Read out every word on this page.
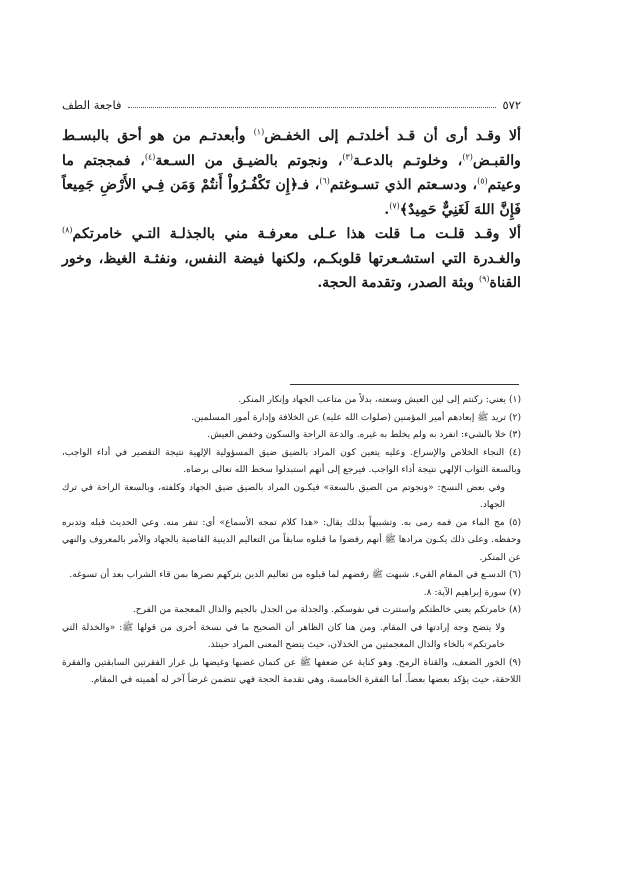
٥٧٢
فاجعة الطف

ألا وقـد أرى أن قـد أخلدتـم إلى الخفـض$^{(١)}$ وأبعدتـم من هو أحق بالبسـط والقبـض$^{(٢)}$، وخلوتـم بالدعـة$^{(٣)}$، ونجوتم بالضيـق من السـعة$^{(٤)}$، فمججتم ما وعيتم$^{(٥)}$، ودسـعتم الذي تسـوغتم$^{(٦)}$، فـ﴿إِن تَكْفُـرُواْ أَنتُمْ وَمَن فِـي الأَرْضِ جَمِيعاً فَإِنَّ اللهَ لَغَنِيٌّ حَمِيدٌ﴾$^{(٧)}$.

ألا وقـد قلـت مـا قلت هذا عـلى معرفـة مني بالجذلـة التـي خامرتكم$^{(٨)}$ والغـدرة التي استشـعرتها قلوبكـم، ولكنها فيضة النفس، ونفثـة الغيظ، وخور القناة$^{(٩)}$ وبثة الصدر، وتقدمة الحجة.

(١) يعني: ركنتم إلى لين العيش وسعته، بدلاً من متاعب الجهاد وإنكار المنكر.

(٢) تريد ﷺ إبعادهم أمير المؤمنين (صلوات الله عليه) عن الخلافة وإدارة أمور المسلمين.

(٣) خلا بالشيء: انفرد به ولم يخلط به غيره. والدعة الراحة والسكون وخفض العيش.

(٤) النجاء الخلاص والإسراع. وعليه يتعين كون المراد بالضيق ضيق المسؤولية الإلهية نتيجة التقصير في أداء الواجب، وبالسعة الثواب الإلهي نتيجة أداء الواجب. فيرجع إلى أنهم استبدلوا سخط الله تعالى برضاه.
وفي بعض النسخ: «ونجوتم من الضيق بالسعة» فيكـون المراد بالضيق ضيق الجهاد وكلفته، وبالسعة الراحة في ترك الجهاد.

(٥) مج الماء من فمه رمى به. وتشبيهاً بذلك يقال: «هذا كلام تمجه الأسماع» أي: تنفر منه. وعي الحديث قبله وتدبره وحفظه. وعلى ذلك يكـون مرادها ﷺ أنهم رفضوا ما قبلوه سابقاً من التعاليم الدينية القاضية بالجهاد والأمر بالمعروف والنهي عن المنكر.

(٦) الدسـع في المقام القيء. شبهت ﷺ رفضهم لما قبلوه من تعاليم الدين بتركهم نصرها بمن قاء الشراب بعد أن تسوغه.

(٧) سورة إبراهيم الآية: ٨.

(٨) خامرتكم يعني خالطتكم واستترت في نفوسكم. والجذلة من الجذل بالجيم والذال المعجمة من الفرح.
ولا يتضح وجه إرادتها في المقام. ومن هنا كان الظاهر أن الصحيح ما في نسخة أخرى من قولها ﷺ: «والخذلة التي خامرتكم» بالخاء والذال المعجمتين من الخذلان، حيث يتضح المعنى المراد حينئذ.

(٩) الخور الضعف، والقناة الرمح. وهو كناية عن ضعفها ﷺ عن كتمان غضبها وغيضها بل غرار الفقرتين السابقتين والفقرة اللاحقة، حيث يؤكد بعضها بعضاً. أما الفقرة الخامسة، وهي تقدمة الحجة فهي تتضمن غرضاً آخر له أهميته في المقام.
